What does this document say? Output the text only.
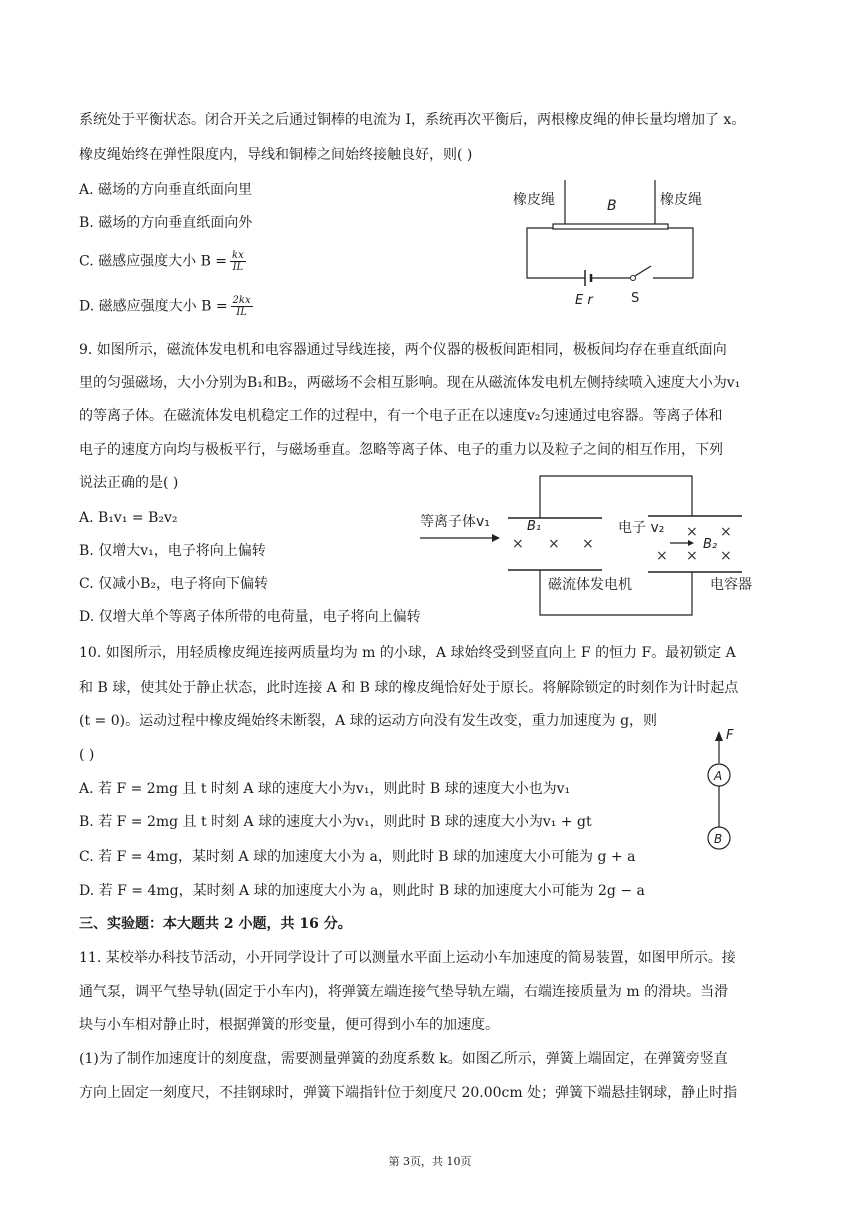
系统处于平衡状态。闭合开关之后通过铜棒的电流为 I，系统再次平衡后，两根橡皮绳的伸长量均增加了 x。
橡皮绳始终在弹性限度内，导线和铜棒之间始终接触良好，则( )
A. 磁场的方向垂直纸面向里
B. 磁场的方向垂直纸面向外
C. 磁感应强度大小 $B = \frac{kx}{IL}$
D. 磁感应强度大小 $B = \frac{2kx}{IL}$
橡皮绳	橡皮绳
B
E r	S
9. 如图所示，磁流体发电机和电容器通过导线连接，两个仪器的极板间距相同，极板间均存在垂直纸面向
里的匀强磁场，大小分别为B₁和B₂，两磁场不会相互影响。现在从磁流体发电机左侧持续喷入速度大小为v₁
的等离子体。在磁流体发电机稳定工作的过程中，有一个电子正在以速度v₂匀速通过电容器。等离子体和
电子的速度方向均与极板平行，与磁场垂直。忽略等离子体、电子的重力以及粒子之间的相互作用，下列
说法正确的是( )
A. B₁v₁ = B₂v₂
B. 仅增大v₁，电子将向上偏转
C. 仅减小B₂，电子将向下偏转
D. 仅增大单个等离子体所带的电荷量，电子将向上偏转
等离子体v₁	B₁	电子 v₂
B₂
磁流体发电机	电容器
× × ×
× ×
× × ×
10. 如图所示，用轻质橡皮绳连接两质量均为 m 的小球，A 球始终受到竖直向上 F 的恒力 F。最初锁定 A
和 B 球，使其处于静止状态，此时连接 A 和 B 球的橡皮绳恰好处于原长。将解除锁定的时刻作为计时起点
(t = 0)。运动过程中橡皮绳始终未断裂，A 球的运动方向没有发生改变，重力加速度为 g，则
( )
A. 若 F = 2mg 且 t 时刻 A 球的速度大小为v₁，则此时 B 球的速度大小也为v₁
B. 若 F = 2mg 且 t 时刻 A 球的速度大小为v₁，则此时 B 球的速度大小为v₁ + gt
C. 若 F = 4mg，某时刻 A 球的加速度大小为 a，则此时 B 球的加速度大小可能为 g + a
D. 若 F = 4mg，某时刻 A 球的加速度大小为 a，则此时 B 球的加速度大小可能为 2g − a
F
A
B
三、实验题：本大题共 2 小题，共 16 分。
11. 某校举办科技节活动，小开同学设计了可以测量水平面上运动小车加速度的简易装置，如图甲所示。接
通气泵，调平气垫导轨(固定于小车内)，将弹簧左端连接气垫导轨左端，右端连接质量为 m 的滑块。当滑
块与小车相对静止时，根据弹簧的形变量，便可得到小车的加速度。
(1)为了制作加速度计的刻度盘，需要测量弹簧的劲度系数 k。如图乙所示，弹簧上端固定，在弹簧旁竖直
方向上固定一刻度尺，不挂钢球时，弹簧下端指针位于刻度尺 20.00cm 处；弹簧下端悬挂钢球，静止时指
第 3页，共 10页
